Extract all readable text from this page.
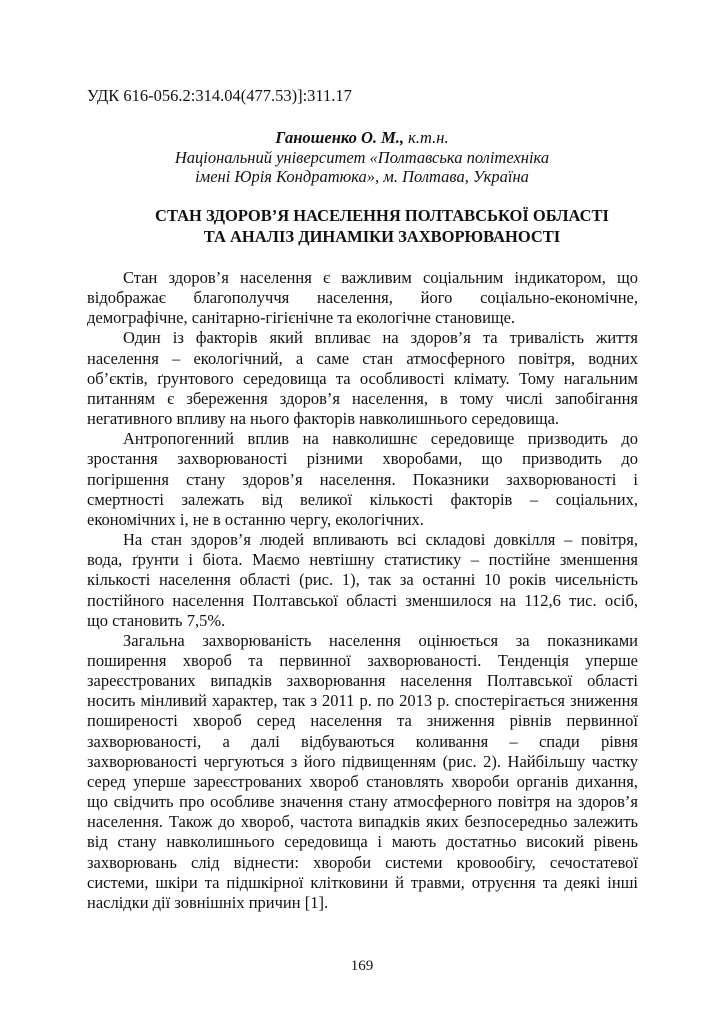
УДК 616-056.2:314.04(477.53)]:311.17
Ганошенко О. М., к.т.н.
Національний університет «Полтавська політехніка
імені Юрія Кондратюка», м. Полтава, Україна
СТАН ЗДОРОВ’Я НАСЕЛЕННЯ ПОЛТАВСЬКОЇ ОБЛАСТІ
ТА АНАЛІЗ ДИНАМІКИ ЗАХВОРЮВАНОСТІ
Стан здоров’я населення є важливим соціальним індикатором, що
відображає благополуччя населення, його соціально-економічне,
демографічне, санітарно-гігієнічне та екологічне становище.
Один із факторів який впливає на здоров’я та тривалість життя
населення – екологічний, а саме стан атмосферного повітря, водних
об’єктів, ґрунтового середовища та особливості клімату. Тому нагальним
питанням є збереження здоров’я населення, в тому числі запобігання
негативного впливу на нього факторів навколишнього середовища.
Антропогенний вплив на навколишнє середовище призводить до
зростання захворюваності різними хворобами, що призводить до
погіршення стану здоров’я населення. Показники захворюваності і
смертності залежать від великої кількості факторів – соціальних,
економічних і, не в останню чергу, екологічних.
На стан здоров’я людей впливають всі складові довкілля – повітря,
вода, ґрунти і біота. Маємо невтішну статистику – постійне зменшення
кількості населення області (рис. 1), так за останні 10 років чисельність
постійного населення Полтавської області зменшилося на 112,6 тис. осіб,
що становить 7,5%.
Загальна захворюваність населення оцінюється за показниками
поширення хвороб та первинної захворюваності. Тенденція уперше
зареєстрованих випадків захворювання населення Полтавської області
носить мінливий характер, так з 2011 р. по 2013 р. спостерігається зниження
поширеності хвороб серед населення та зниження рівнів первинної
захворюваності, а далі відбуваються коливання – спади рівня
захворюваності чергуються з його підвищенням (рис. 2). Найбільшу частку
серед уперше зареєстрованих хвороб становлять хвороби органів дихання,
що свідчить про особливе значення стану атмосферного повітря на здоров’я
населення. Також до хвороб, частота випадків яких безпосередньо залежить
від стану навколишнього середовища і мають достатньо високий рівень
захворювань слід віднести: хвороби системи кровообігу, сечостатевої
системи, шкіри та підшкірної клітковини й травми, отруєння та деякі інші
наслідки дії зовнішніх причин [1].
169
